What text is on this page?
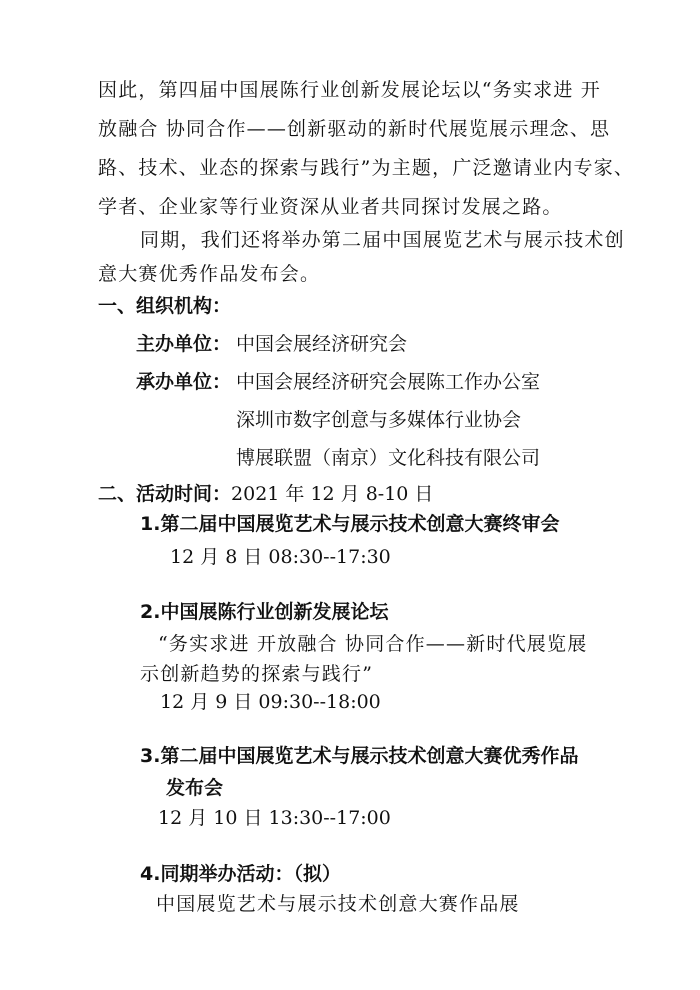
因此，第四届中国展陈行业创新发展论坛以“务实求进 开
放融合 协同合作——创新驱动的新时代展览展示理念、思
路、技术、业态的探索与践行”为主题，广泛邀请业内专家、
学者、企业家等行业资深从业者共同探讨发展之路。
同期，我们还将举办第二届中国展览艺术与展示技术创
意大赛优秀作品发布会。
一、组织机构：
主办单位： 中国会展经济研究会
承办单位： 中国会展经济研究会展陈工作办公室
深圳市数字创意与多媒体行业协会
博展联盟（南京）文化科技有限公司
二、活动时间：2021 年 12 月 8-10 日
1.第二届中国展览艺术与展示技术创意大赛终审会
12 月 8 日 08:30--17:30
2.中国展陈行业创新发展论坛
“务实求进 开放融合 协同合作——新时代展览展
示创新趋势的探索与践行”
12 月 9 日 09:30--18:00
3.第二届中国展览艺术与展示技术创意大赛优秀作品
发布会
12 月 10 日 13:30--17:00
4.同期举办活动：（拟）
中国展览艺术与展示技术创意大赛作品展
